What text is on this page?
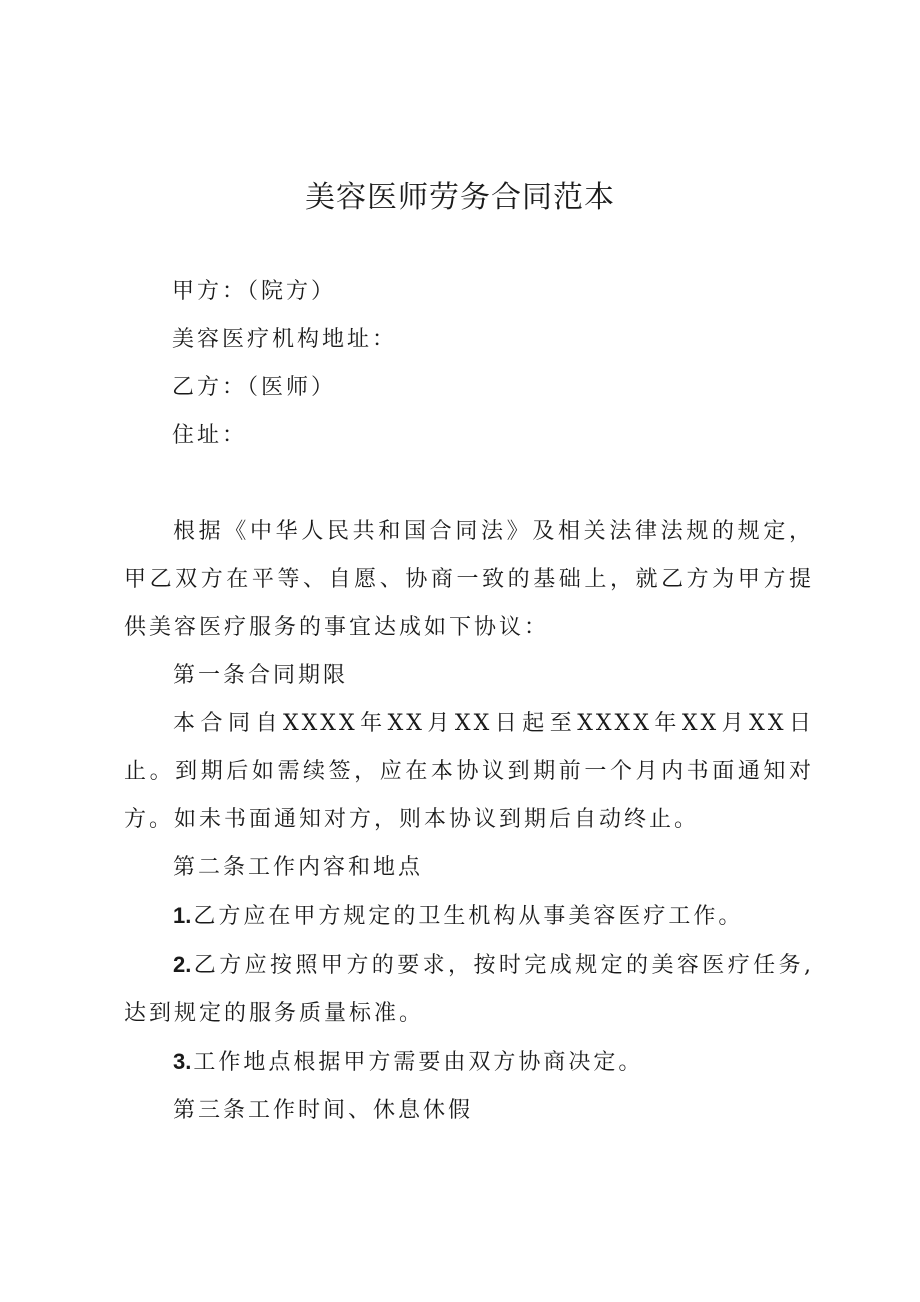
美容医师劳务合同范本
甲方：（院方）
美容医疗机构地址：
乙方：（医师）
住址：

根据《中华人民共和国合同法》及相关法律法规的规定，甲乙双方在平等、自愿、协商一致的基础上，就乙方为甲方提供美容医疗服务的事宜达成如下协议：

第一条合同期限

本合同自XXXX年XX月XX日起至XXXX年XX月XX日止。到期后如需续签，应在本协议到期前一个月内书面通知对方。如未书面通知对方，则本协议到期后自动终止。

第二条工作内容和地点

1.乙方应在甲方规定的卫生机构从事美容医疗工作。

2.乙方应按照甲方的要求，按时完成规定的美容医疗任务,达到规定的服务质量标准。

3.工作地点根据甲方需要由双方协商决定。

第三条工作时间、休息休假
